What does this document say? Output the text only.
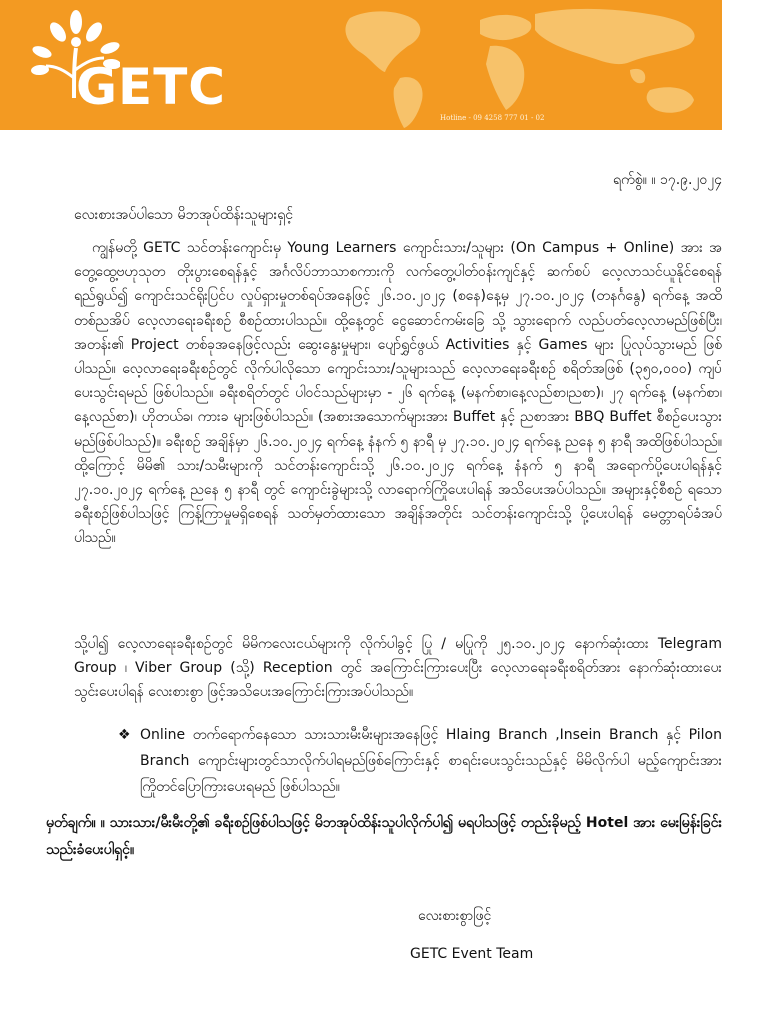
GETC
Hotline - 09 4258 777 01 - 02
ရက်စွဲ။ ။ ၁၇.၉.၂၀၂၄
လေးစားအပ်ပါသော မိဘအုပ်ထိန်းသူများရှင့်

ကျွန်မတို့ GETC သင်တန်းကျောင်းမှ Young Learners ကျောင်းသား/သူများ (On Campus + Online) အား အတွေ့ထွေ့ဗဟုသုတ တိုးပွားစေရန်နှင့် အင်္ဂလိပ်ဘာသာစကားကို လက်တွေ့ပါတ်ဝန်းကျင်နှင့် ဆက်စပ် လေ့လာသင်ယူနိုင်စေရန် ရည်ရွယ်၍ ကျောင်းသင်ရိုးပြင်ပ လှုပ်ရှားမှုတစ်ရပ်အနေဖြင့် ၂၆.၁၀.၂၀၂၄ (စနေ)နေ့မှ ၂၇.၁၀.၂၀၂၄ (တနင်္ဂနွေ) ရက်နေ့ အထိ တစ်ညအိပ် လေ့လာရေးခရီးစဉ် စီစဉ်ထားပါသည်။ ထို့နေ့တွင် ငွေဆောင်ကမ်းခြေ သို့ သွားရောက် လည်ပတ်လေ့လာမည်ဖြစ်ပြီး၊ အတန်း၏ Project တစ်ခုအနေဖြင့်လည်း ဆွေးနွေးမှုများ၊ ပျော်ရွှင်ဖွယ် Activities နှင့် Games များ ပြုလုပ်သွားမည် ဖြစ်ပါသည်။ လေ့လာရေးခရီးစဉ်တွင် လိုက်ပါလိုသော ကျောင်းသား/သူများသည် လေ့လာရေးခရီးစဉ် စရိတ်အဖြစ် (၃၅၀,၀၀၀) ကျပ် ပေးသွင်းရမည် ဖြစ်ပါသည်။ ခရီးစရိတ်တွင် ပါဝင်သည်များမှာ - ၂၆ ရက်နေ့ (မနက်စာ၊နေ့လည်စာ၊ညစာ)၊ ၂၇ ရက်နေ့ (မနက်စာ၊နေ့လည်စာ)၊ ဟိုတယ်ခ၊ ကားခ များဖြစ်ပါသည်။ (အစားအသောက်များအား Buffet နှင့် ညစာအား BBQ Buffet စီစဉ်ပေးသွားမည်ဖြစ်ပါသည်)။ ခရီးစဉ် အချိန်မှာ ၂၆.၁၀.၂၀၂၄ ရက်နေ့ နံနက် ၅ နာရီ မှ ၂၇.၁၀.၂၀၂၄ ရက်နေ့ ညနေ ၅ နာရီ အထိဖြစ်ပါသည်။ ထို့ကြောင့် မိမိ၏ သား/သမီးများကို သင်တန်းကျောင်းသို့ ၂၆.၁၀.၂၀၂၄ ရက်နေ့ နံနက် ၅ နာရီ အရောက်ပို့ပေးပါရန်နှင့် ၂၇.၁၀.၂၀၂၄ ရက်နေ့ ညနေ ၅ နာရီ တွင် ကျောင်းခွဲများသို့ လာရောက်ကြိုပေးပါရန် အသိပေးအပ်ပါသည်။ အများနှင့်စီစဉ် ရသောခရီးစဉ်ဖြစ်ပါသဖြင့် ကြန့်ကြာမှုမရှိစေရန် သတ်မှတ်ထားသော အချိန်အတိုင်း သင်တန်းကျောင်းသို့ ပို့ပေးပါရန် မေတ္တာရပ်ခံအပ်ပါသည်။

သို့ပါ၍ လေ့လာရေးခရီးစဉ်တွင် မိမိကလေးငယ်များကို လိုက်ပါခွင့် ပြု / မပြုကို ၂၅.၁၀.၂၀၂၄ နောက်ဆုံးထား Telegram Group ၊ Viber Group (သို့) Reception တွင် အကြောင်းကြားပေးပြီး လေ့လာရေးခရီးစရိတ်အား နောက်ဆုံးထားပေးသွင်းပေးပါရန် လေးစားစွာ ဖြင့်အသိပေးအကြောင်းကြားအပ်ပါသည်။

❖ Online တက်ရောက်နေသော သားသားမီးမီးများအနေဖြင့် Hlaing Branch ,Insein Branch နှင့် Pilon Branch ကျောင်းများတွင်သာလိုက်ပါရမည်ဖြစ်ကြောင်းနှင့် စာရင်းပေးသွင်းသည်နှင့် မိမိလိုက်ပါ မည့်ကျောင်းအား ကြိုတင်ပြောကြားပေးရမည် ဖြစ်ပါသည်။
မှတ်ချက်။ ။ သားသား/မီးမီးတို့၏ ခရီးစဉ်ဖြစ်ပါသဖြင့် မိဘအုပ်ထိန်းသူပါလိုက်ပါ၍ မရပါသဖြင့် တည်းခိုမည့် Hotel အား မေးမြန်းခြင်း သည်းခံပေးပါရှင့်။
လေးစားစွာဖြင့်
GETC Event Team
